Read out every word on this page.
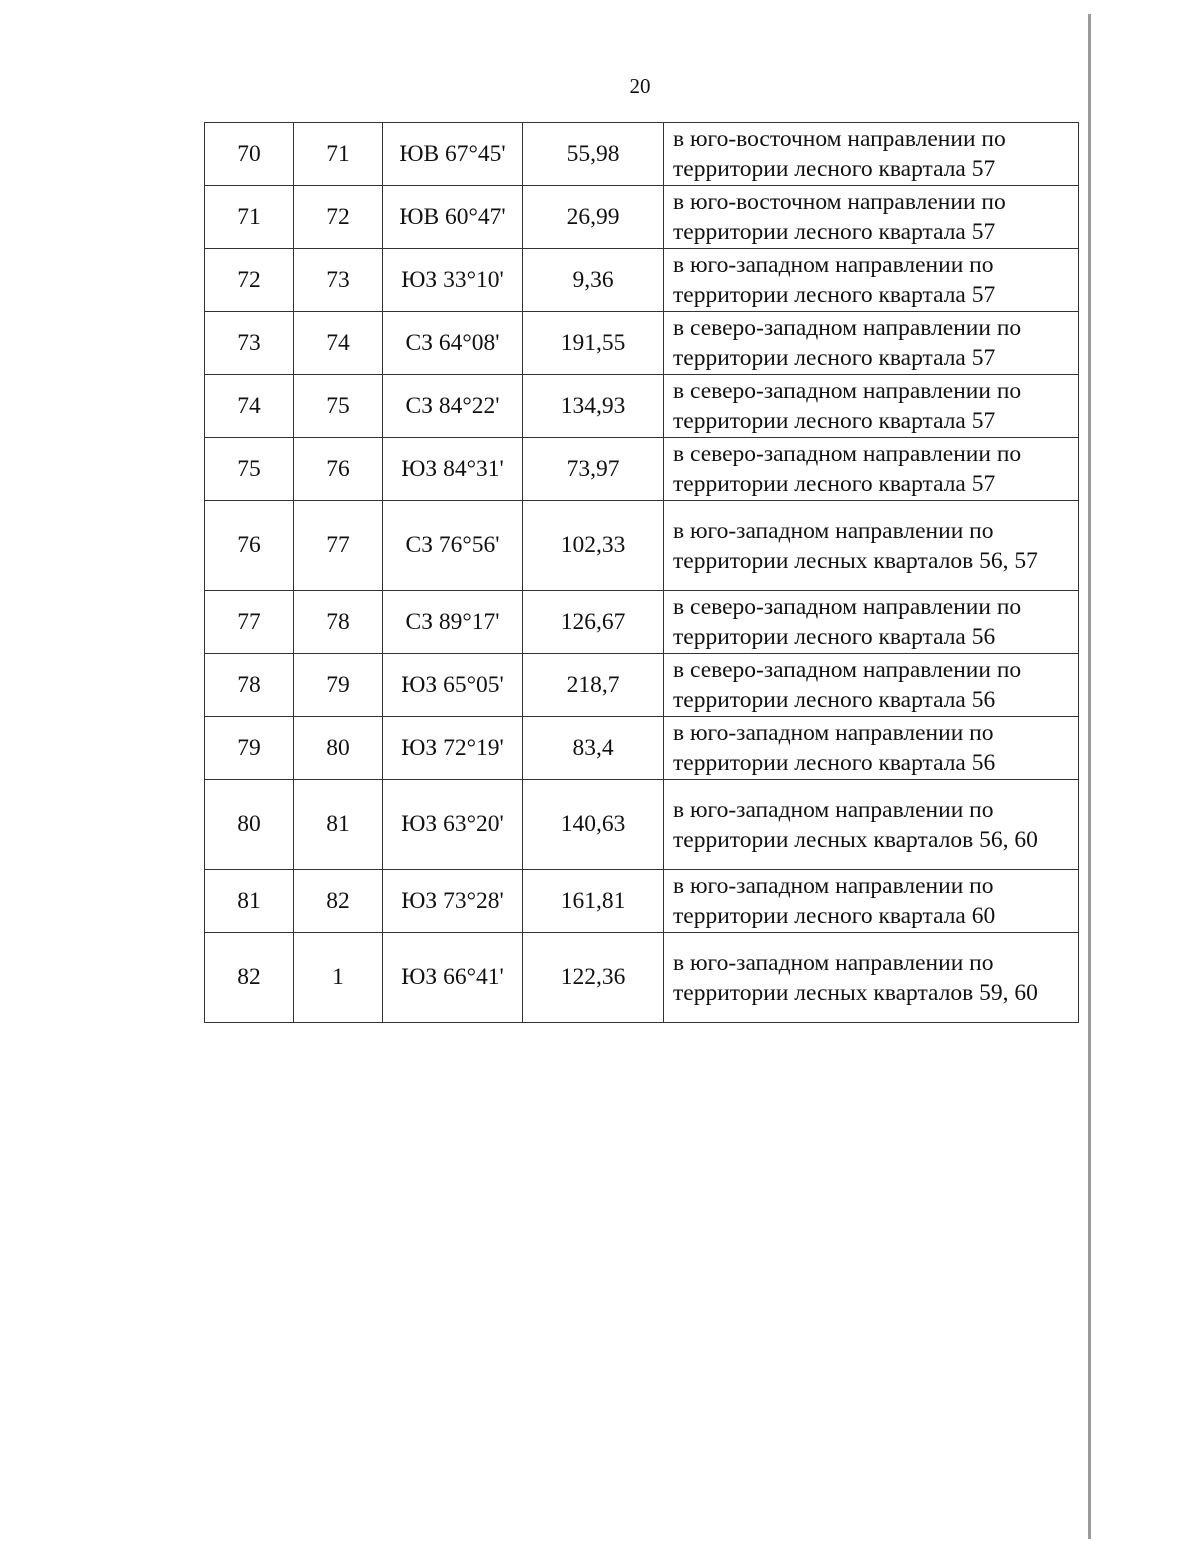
20
70	71	ЮВ 67°45'	55,98	в юго-восточном направлении по территории лесного квартала 57
71	72	ЮВ 60°47'	26,99	в юго-восточном направлении по территории лесного квартала 57
72	73	ЮЗ 33°10'	9,36	в юго-западном направлении по территории лесного квартала 57
73	74	СЗ 64°08'	191,55	в северо-западном направлении по территории лесного квартала 57
74	75	СЗ 84°22'	134,93	в северо-западном направлении по территории лесного квартала 57
75	76	ЮЗ 84°31'	73,97	в северо-западном направлении по территории лесного квартала 57
76	77	СЗ 76°56'	102,33	в юго-западном направлении по территории лесных кварталов 56, 57
77	78	СЗ 89°17'	126,67	в северо-западном направлении по территории лесного квартала 56
78	79	ЮЗ 65°05'	218,7	в северо-западном направлении по территории лесного квартала 56
79	80	ЮЗ 72°19'	83,4	в юго-западном направлении по территории лесного квартала 56
80	81	ЮЗ 63°20'	140,63	в юго-западном направлении по территории лесных кварталов 56, 60
81	82	ЮЗ 73°28'	161,81	в юго-западном направлении по территории лесного квартала 60
82	1	ЮЗ 66°41'	122,36	в юго-западном направлении по территории лесных кварталов 59, 60
